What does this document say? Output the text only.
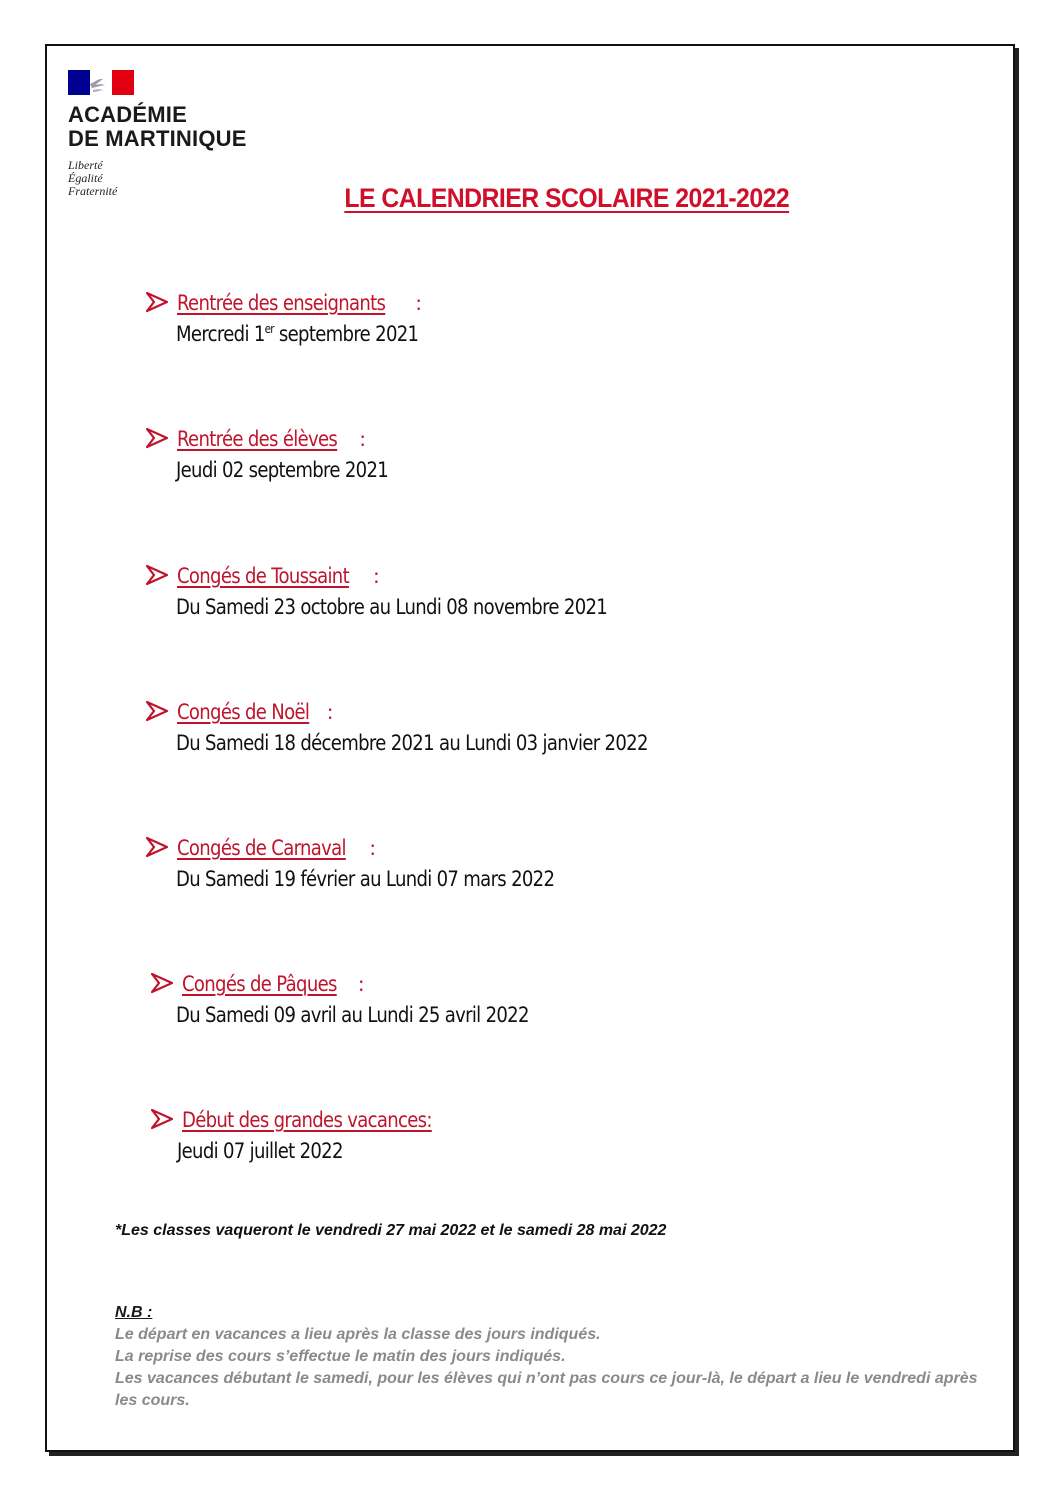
ACADÉMIE
DE MARTINIQUE
Liberté
Égalité
Fraternité	LE CALENDRIER SCOLAIRE 2021-2022
Rentrée des enseignants :
Mercredi 1er septembre 2021
Rentrée des élèves :
Jeudi 02 septembre 2021
Congés de Toussaint :
Du Samedi 23 octobre au Lundi 08 novembre 2021
Congés de Noël :
Du Samedi 18 décembre 2021 au Lundi 03 janvier 2022
Congés de Carnaval :
Du Samedi 19 février au Lundi 07 mars 2022
Congés de Pâques :
Du Samedi 09 avril au Lundi 25 avril 2022
Début des grandes vacances:
Jeudi 07 juillet 2022
*Les classes vaqueront le vendredi 27 mai 2022 et le samedi 28 mai 2022
N.B :
Le départ en vacances a lieu après la classe des jours indiqués.
La reprise des cours s’effectue le matin des jours indiqués.
Les vacances débutant le samedi, pour les élèves qui n’ont pas cours ce jour-là, le départ a lieu le vendredi après les cours.
